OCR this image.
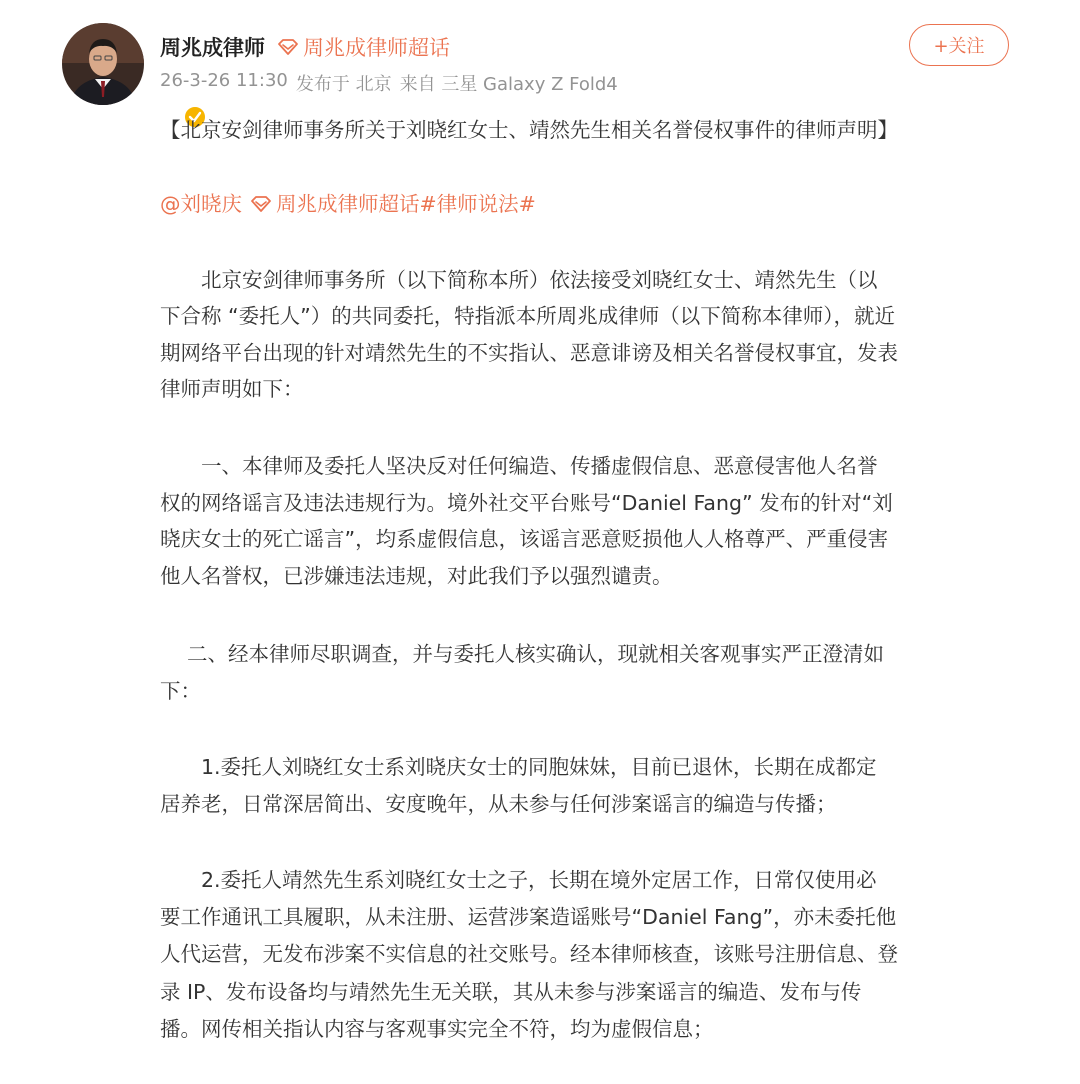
周兆成律师 周兆成律师超话
26-3-26 11:30 发布于 北京 来自 三星 Galaxy Z Fold4
+关注
【北京安剑律师事务所关于刘晓红女士、靖然先生相关名誉侵权事件的律师声明】
@刘晓庆 周兆成律师超话 #律师说法#
　　北京安剑律师事务所（以下简称本所）依法接受刘晓红女士、靖然先生（以
下合称 “委托人”）的共同委托，特指派本所周兆成律师（以下简称本律师），就近
期网络平台出现的针对靖然先生的不实指认、恶意诽谤及相关名誉侵权事宜，发表
律师声明如下：
　　一、本律师及委托人坚决反对任何编造、传播虚假信息、恶意侵害他人名誉
权的网络谣言及违法违规行为。境外社交平台账号“Daniel Fang” 发布的针对“刘
晓庆女士的死亡谣言”，均系虚假信息，该谣言恶意贬损他人人格尊严、严重侵害
他人名誉权，已涉嫌违法违规，对此我们予以强烈谴责。
　 二、经本律师尽职调查，并与委托人核实确认，现就相关客观事实严正澄清如
下：
　　1.委托人刘晓红女士系刘晓庆女士的同胞妹妹，目前已退休，长期在成都定
居养老，日常深居简出、安度晚年，从未参与任何涉案谣言的编造与传播；
　　2.委托人靖然先生系刘晓红女士之子，长期在境外定居工作，日常仅使用必
要工作通讯工具履职，从未注册、运营涉案造谣账号“Daniel Fang”，亦未委托他
人代运营，无发布涉案不实信息的社交账号。经本律师核查，该账号注册信息、登
录 IP、发布设备均与靖然先生无关联，其从未参与涉案谣言的编造、发布与传
播。网传相关指认内容与客观事实完全不符，均为虚假信息；
